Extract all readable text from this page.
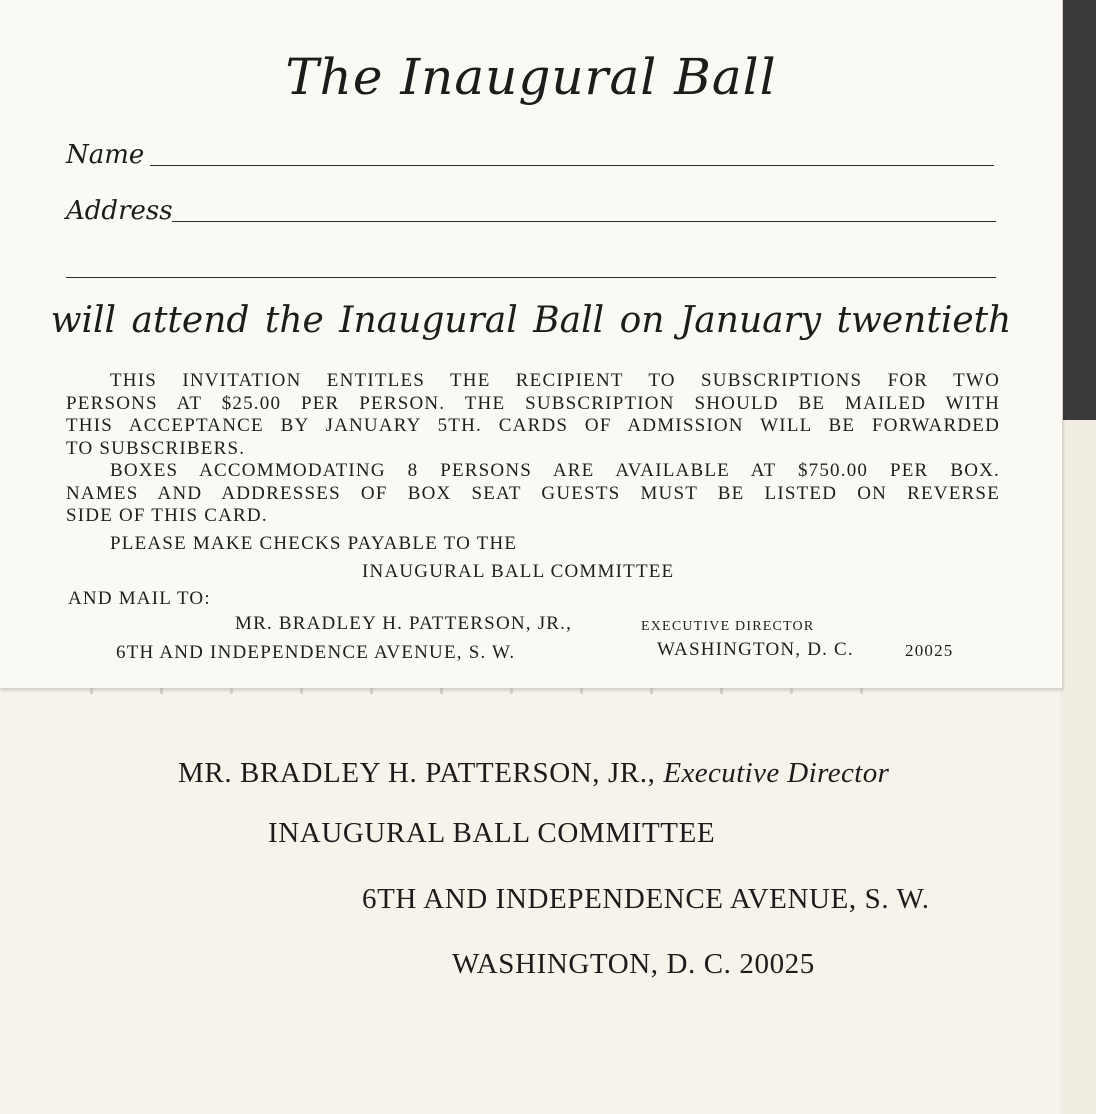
The Inaugural Ball
Name
Address
will attend the Inaugural Ball on January twentieth
THIS INVITATION ENTITLES THE RECIPIENT TO SUBSCRIPTIONS FOR TWO
PERSONS AT $25.00 PER PERSON. THE SUBSCRIPTION SHOULD BE MAILED WITH
THIS ACCEPTANCE BY JANUARY 5TH. CARDS OF ADMISSION WILL BE FORWARDED
TO SUBSCRIBERS.
BOXES ACCOMMODATING 8 PERSONS ARE AVAILABLE AT $750.00 PER BOX.
NAMES AND ADDRESSES OF BOX SEAT GUESTS MUST BE LISTED ON REVERSE
SIDE OF THIS CARD.
PLEASE MAKE CHECKS PAYABLE TO THE
INAUGURAL BALL COMMITTEE
AND MAIL TO:
MR. BRADLEY H. PATTERSON, JR.,	EXECUTIVE DIRECTOR
6TH AND INDEPENDENCE AVENUE, S. W.	WASHINGTON, D. C.	20025
MR. BRADLEY H. PATTERSON, JR., Executive Director
INAUGURAL BALL COMMITTEE
6TH AND INDEPENDENCE AVENUE, S. W.
WASHINGTON, D. C. 20025
